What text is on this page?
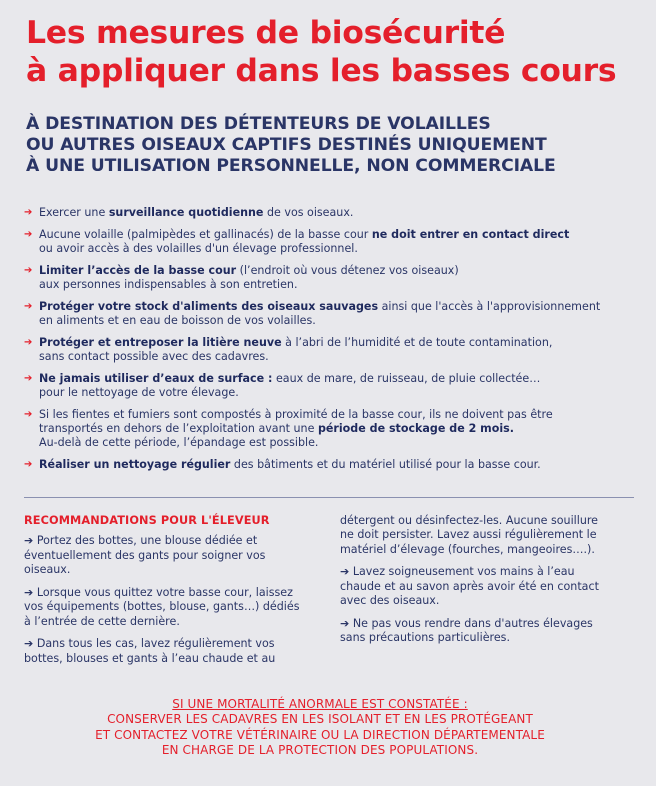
Les mesures de biosécurité
à appliquer dans les basses cours
À DESTINATION DES DÉTENTEURS DE VOLAILLES
OU AUTRES OISEAUX CAPTIFS DESTINÉS UNIQUEMENT
À UNE UTILISATION PERSONNELLE, NON COMMERCIALE
➔ Exercer une surveillance quotidienne de vos oiseaux.
➔ Aucune volaille (palmipèdes et gallinacés) de la basse cour ne doit entrer en contact direct
ou avoir accès à des volailles d'un élevage professionnel.
➔ Limiter l’accès de la basse cour (l’endroit où vous détenez vos oiseaux)
aux personnes indispensables à son entretien.
➔ Protéger votre stock d'aliments des oiseaux sauvages ainsi que l'accès à l'approvisionnement
en aliments et en eau de boisson de vos volailles.
➔ Protéger et entreposer la litière neuve à l’abri de l’humidité et de toute contamination,
sans contact possible avec des cadavres.
➔ Ne jamais utiliser d’eaux de surface : eaux de mare, de ruisseau, de pluie collectée…
pour le nettoyage de votre élevage.
➔ Si les fientes et fumiers sont compostés à proximité de la basse cour, ils ne doivent pas être
transportés en dehors de l’exploitation avant une période de stockage de 2 mois.
Au-delà de cette période, l’épandage est possible.
➔ Réaliser un nettoyage régulier des bâtiments et du matériel utilisé pour la basse cour.
RECOMMANDATIONS POUR L'ÉLEVEUR
➔ Portez des bottes, une blouse dédiée et
éventuellement des gants pour soigner vos
oiseaux.
➔ Lorsque vous quittez votre basse cour, laissez
vos équipements (bottes, blouse, gants…) dédiés
à l’entrée de cette dernière.
➔ Dans tous les cas, lavez régulièrement vos
bottes, blouses et gants à l’eau chaude et au
détergent ou désinfectez-les. Aucune souillure
ne doit persister. Lavez aussi régulièrement le
matériel d’élevage (fourches, mangeoires….).
➔ Lavez soigneusement vos mains à l’eau
chaude et au savon après avoir été en contact
avec des oiseaux.
➔ Ne pas vous rendre dans d'autres élevages
sans précautions particulières.
SI UNE MORTALITÉ ANORMALE EST CONSTATÉE :
CONSERVER LES CADAVRES EN LES ISOLANT ET EN LES PROTÉGEANT
ET CONTACTEZ VOTRE VÉTÉRINAIRE OU LA DIRECTION DÉPARTEMENTALE
EN CHARGE DE LA PROTECTION DES POPULATIONS.
